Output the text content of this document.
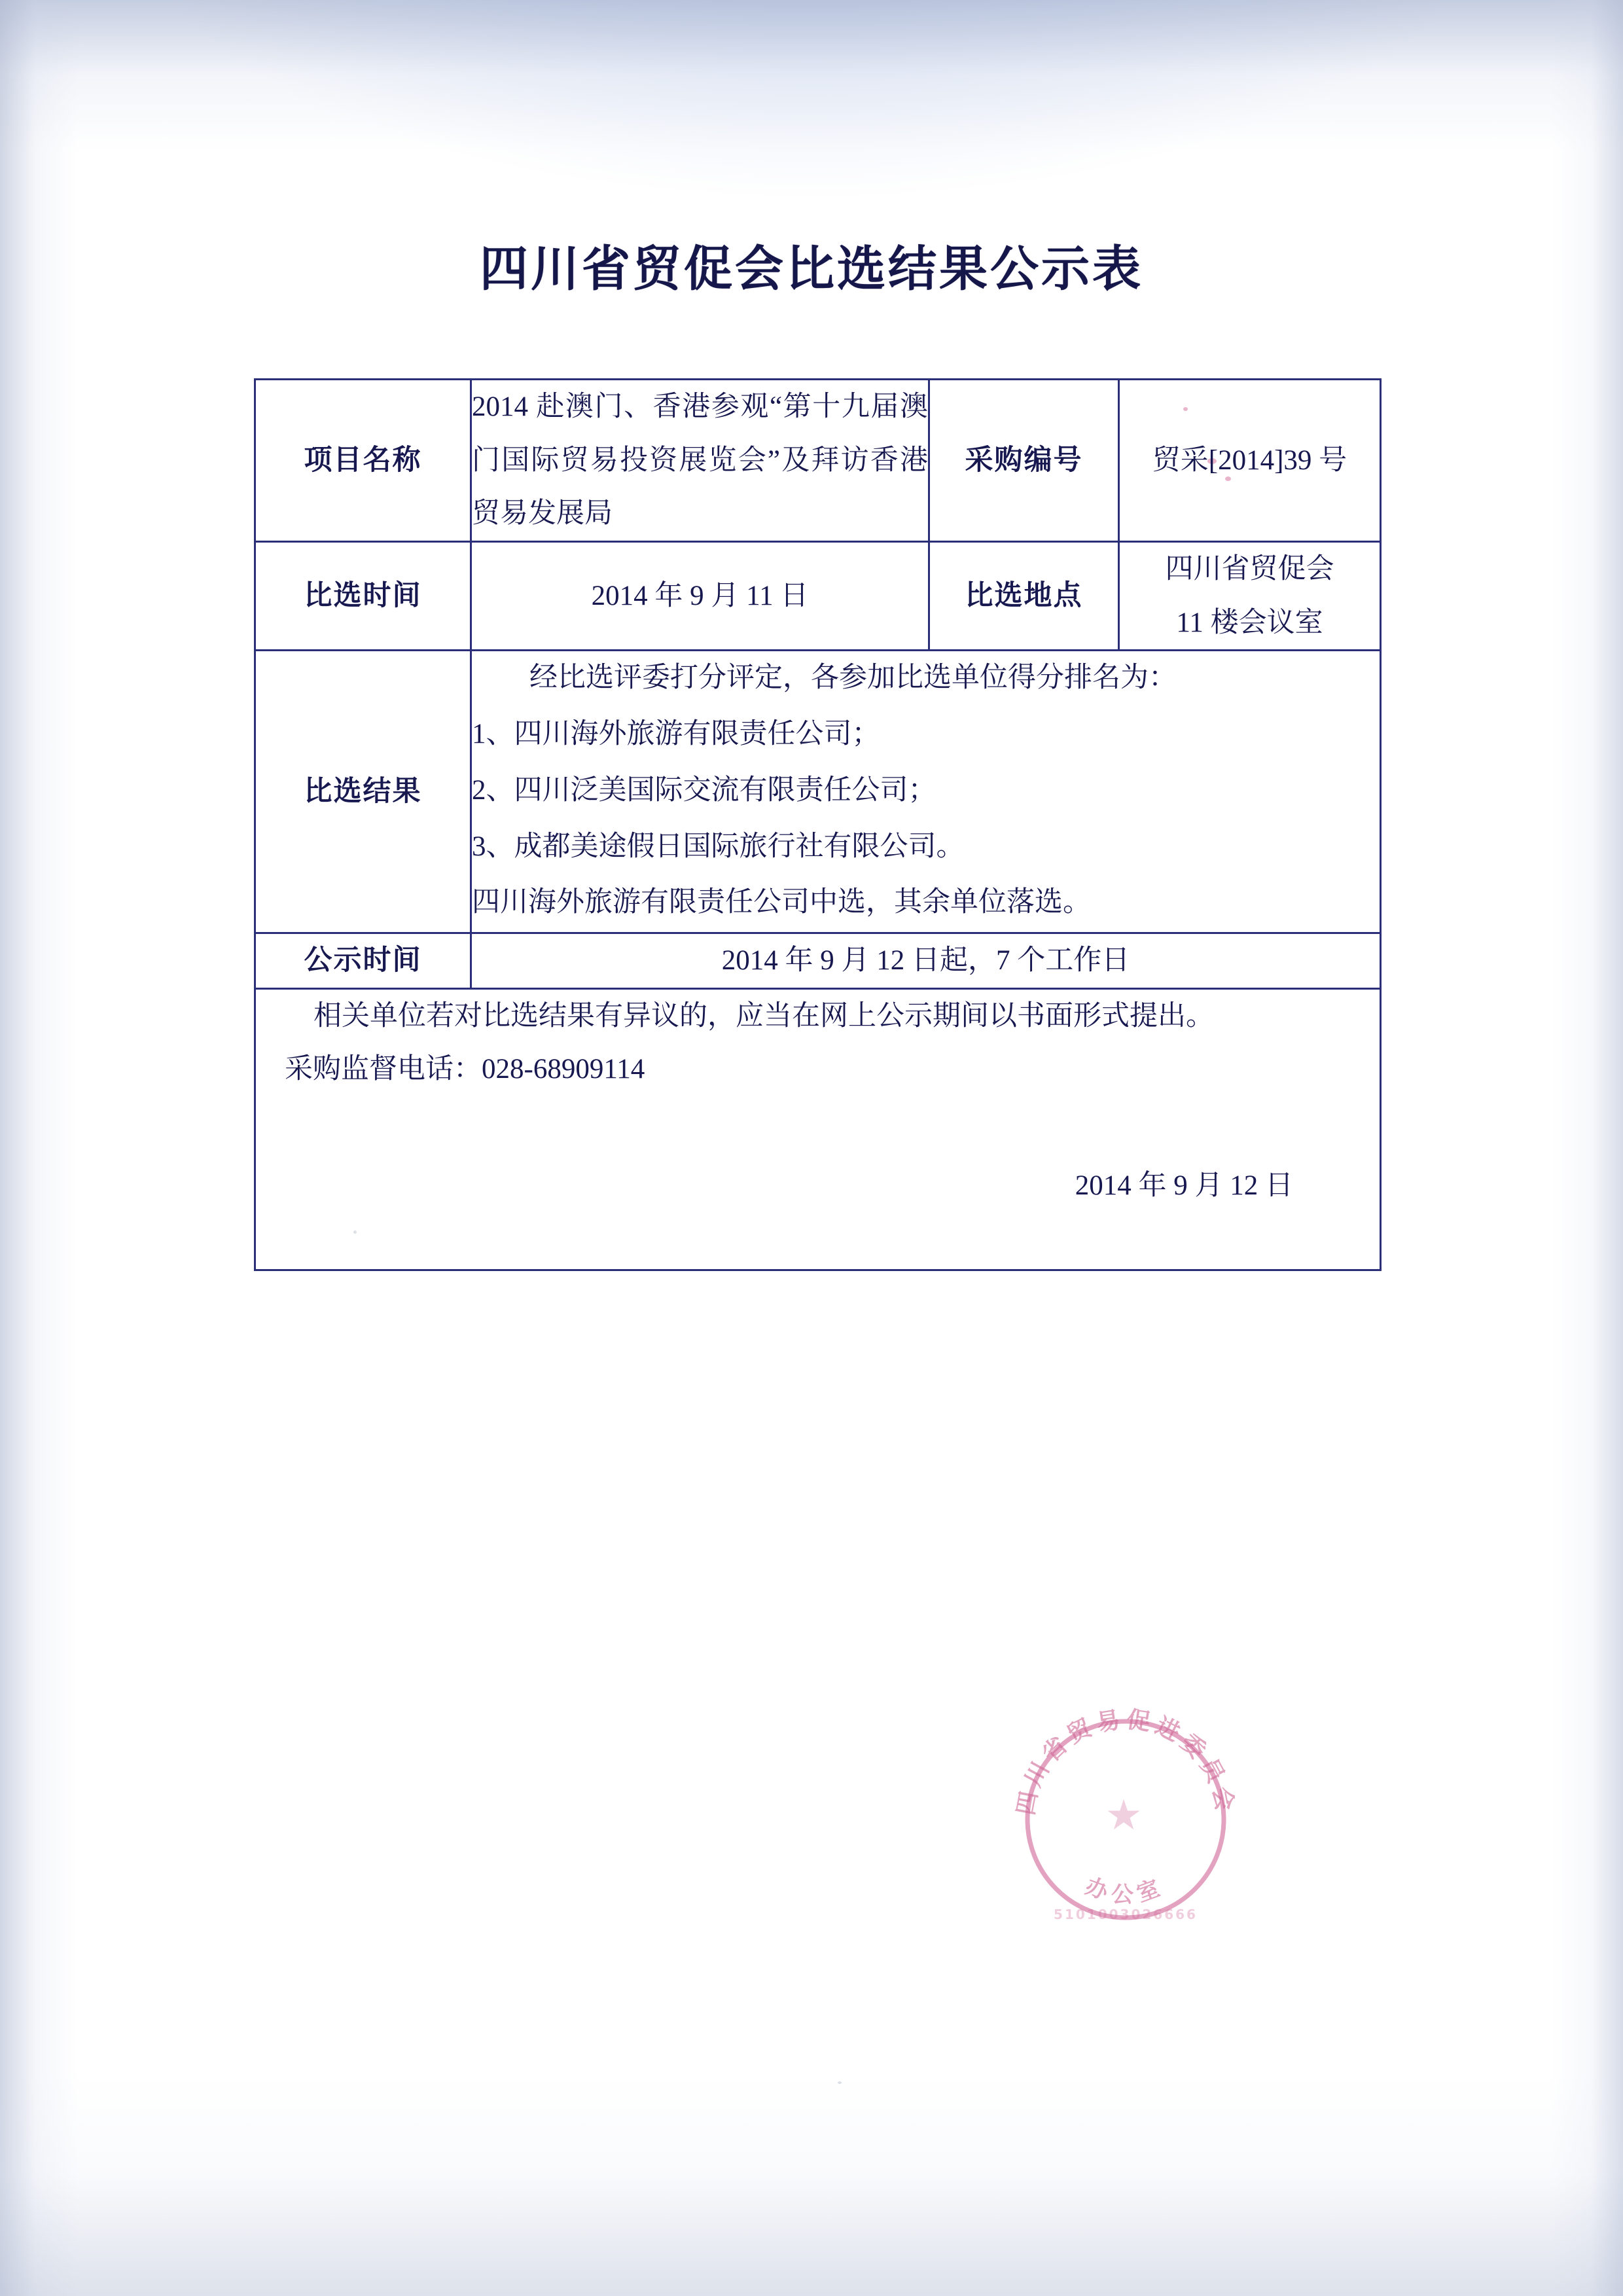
四川省贸促会比选结果公示表
项目名称	2014 赴澳门、香港参观“第十九届澳门国际贸易投资展览会”及拜访香港贸易发展局	采购编号	贸采[2014]39 号
比选时间	2014 年 9 月 11 日	比选地点	四川省贸促会
11 楼会议室

比选结果	经比选评委打分评定，各参加比选单位得分排名为：

1、四川海外旅游有限责任公司；

2、四川泛美国际交流有限责任公司；

3、成都美途假日国际旅行社有限公司。

四川海外旅游有限责任公司中选，其余单位落选。		

公示时间	2014 年 9 月 12 日起，7 个工作日		

相关单位若对比选结果有异议的，应当在网上公示期间以书面形式提出。

采购监督电话：028-68909114

2014 年 9 月 12 日			

四川省贸易促进委员会
办公室
★
5101003026666
